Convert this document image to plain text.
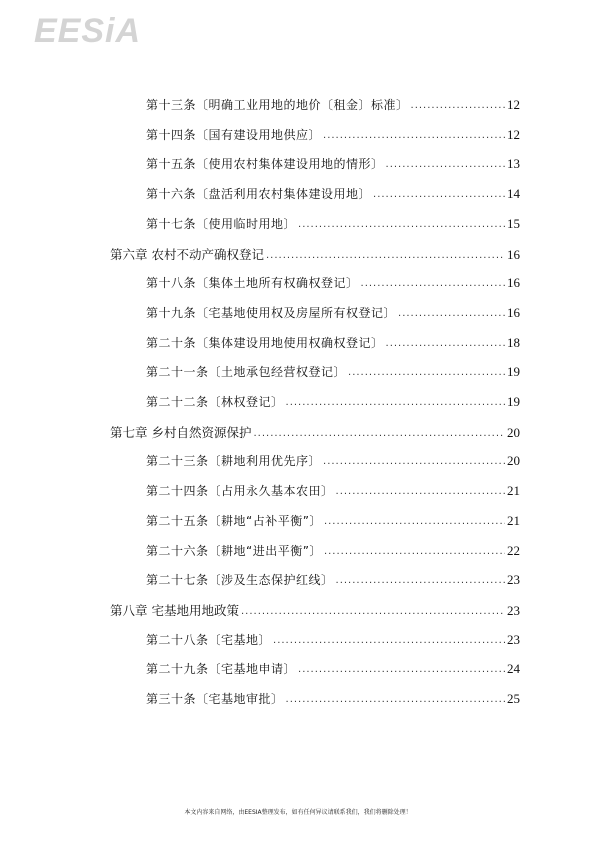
EESiA
第十三条〔明确工业用地的地价〔租金〕标准〕 .....	12
第十四条〔国有建设用地供应〕 .....	12
第十五条〔使用农村集体建设用地的情形〕 .....	13
第十六条〔盘活利用农村集体建设用地〕 .....	14
第十七条〔使用临时用地〕 .....	15
第六章 农村不动产确权登记 .....	16
第十八条〔集体土地所有权确权登记〕 .....	16
第十九条〔宅基地使用权及房屋所有权登记〕 .....	16
第二十条〔集体建设用地使用权确权登记〕 .....	18
第二十一条〔土地承包经营权登记〕 .....	19
第二十二条〔林权登记〕 .....	19
第七章 乡村自然资源保护 .....	20
第二十三条〔耕地利用优先序〕 .....	20
第二十四条〔占用永久基本农田〕 .....	21
第二十五条〔耕地“占补平衡”〕 .....	21
第二十六条〔耕地“进出平衡”〕 .....	22
第二十七条〔涉及生态保护红线〕 .....	23
第八章 宅基地用地政策 .....	23
第二十八条〔宅基地〕 .....	23
第二十九条〔宅基地申请〕 .....	24
第三十条〔宅基地审批〕 .....	25
本文内容来自网络，由EESIA整理发布，如有任何异议请联系我们，我们将删除处理！
